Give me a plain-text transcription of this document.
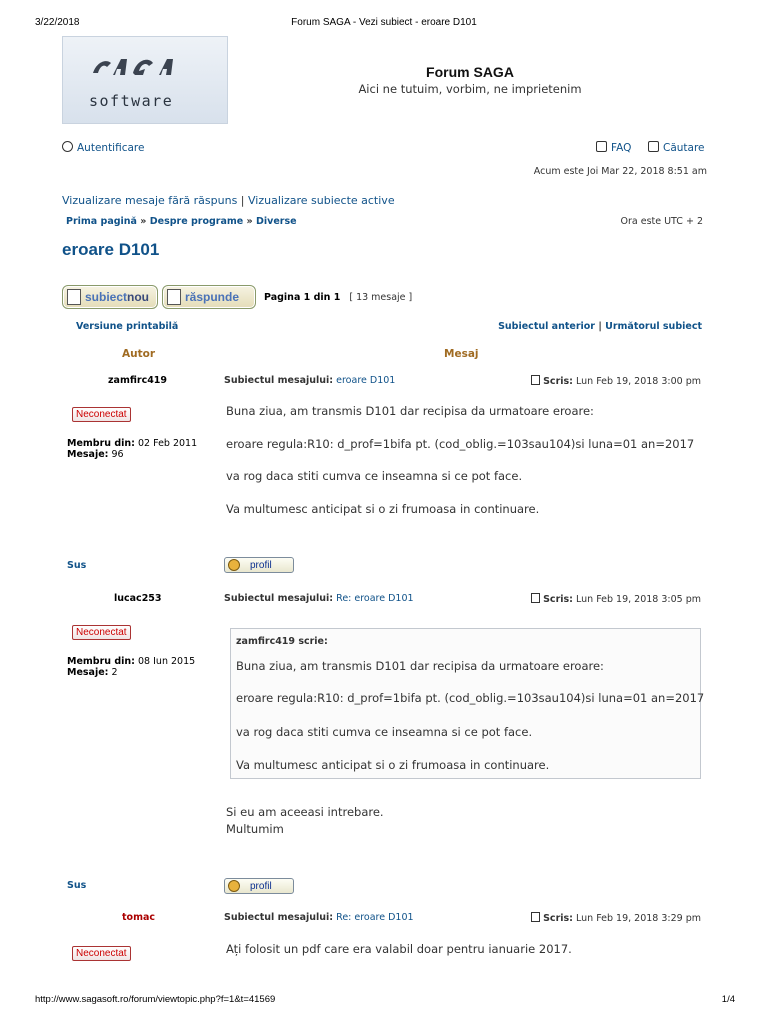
3/22/2018	Forum SAGA - Vezi subiect - eroare D101
SAGA
software
Forum SAGA
Aici ne tutuim, vorbim, ne imprietenim
Autentificare	FAQ	Căutare
Acum este Joi Mar 22, 2018 8:51 am
Vizualizare mesaje fără răspuns | Vizualizare subiecte active
Prima pagină » Despre programe » Diverse	Ora este UTC + 2
eroare D101
subiect nou	răspunde	Pagina 1 din 1 [ 13 mesaje ]
Versiune printabilă	Subiectul anterior | Următorul subiect
Autor	Mesaj
zamfirc419	Subiectul mesajului: eroare D101	Scris: Lun Feb 19, 2018 3:00 pm
Neconectat
Membru din: 02 Feb 2011
Mesaje: 96
Buna ziua, am transmis D101 dar recipisa da urmatoare eroare:
eroare regula:R10: d_prof=1bifa pt. (cod_oblig.=103sau104)si luna=01 an=2017
va rog daca stiti cumva ce inseamna si ce pot face.
Va multumesc anticipat si o zi frumoasa in continuare.
Sus	profil
lucac253	Subiectul mesajului: Re: eroare D101	Scris: Lun Feb 19, 2018 3:05 pm
Neconectat
Membru din: 08 Iun 2015
Mesaje: 2
zamfirc419 scrie:
Buna ziua, am transmis D101 dar recipisa da urmatoare eroare:
eroare regula:R10: d_prof=1bifa pt. (cod_oblig.=103sau104)si luna=01 an=2017
va rog daca stiti cumva ce inseamna si ce pot face.
Va multumesc anticipat si o zi frumoasa in continuare.
Si eu am aceeasi intrebare.
Multumim
Sus	profil
tomac	Subiectul mesajului: Re: eroare D101	Scris: Lun Feb 19, 2018 3:29 pm
Neconectat	Ați folosit un pdf care era valabil doar pentru ianuarie 2017.
http://www.sagasoft.ro/forum/viewtopic.php?f=1&t=41569	1/4
